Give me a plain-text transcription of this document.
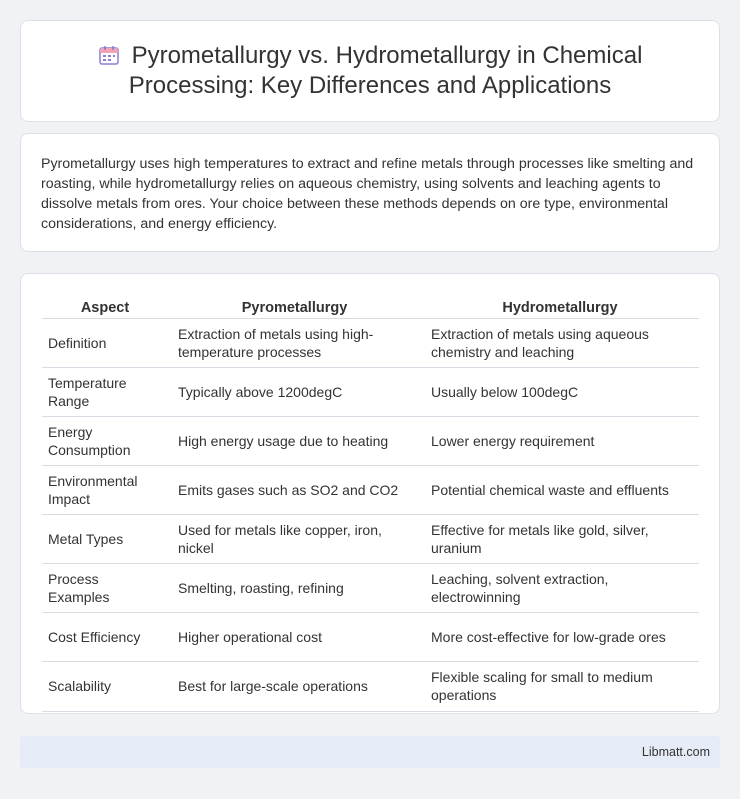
Pyrometallurgy vs. Hydrometallurgy in Chemical Processing: Key Differences and Applications

Pyrometallurgy uses high temperatures to extract and refine metals through processes like smelting and roasting, while hydrometallurgy relies on aqueous chemistry, using solvents and leaching agents to dissolve metals from ores. Your choice between these methods depends on ore type, environmental considerations, and energy efficiency.

Aspect	Pyrometallurgy	Hydrometallurgy
Definition	Extraction of metals using high-temperature processes	Extraction of metals using aqueous chemistry and leaching
Temperature Range	Typically above 1200degC	Usually below 100degC
Energy Consumption	High energy usage due to heating	Lower energy requirement
Environmental Impact	Emits gases such as SO2 and CO2	Potential chemical waste and effluents
Metal Types	Used for metals like copper, iron, nickel	Effective for metals like gold, silver, uranium
Process Examples	Smelting, roasting, refining	Leaching, solvent extraction, electrowinning
Cost Efficiency	Higher operational cost	More cost-effective for low-grade ores
Scalability	Best for large-scale operations	Flexible scaling for small to medium operations
Libmatt.com
